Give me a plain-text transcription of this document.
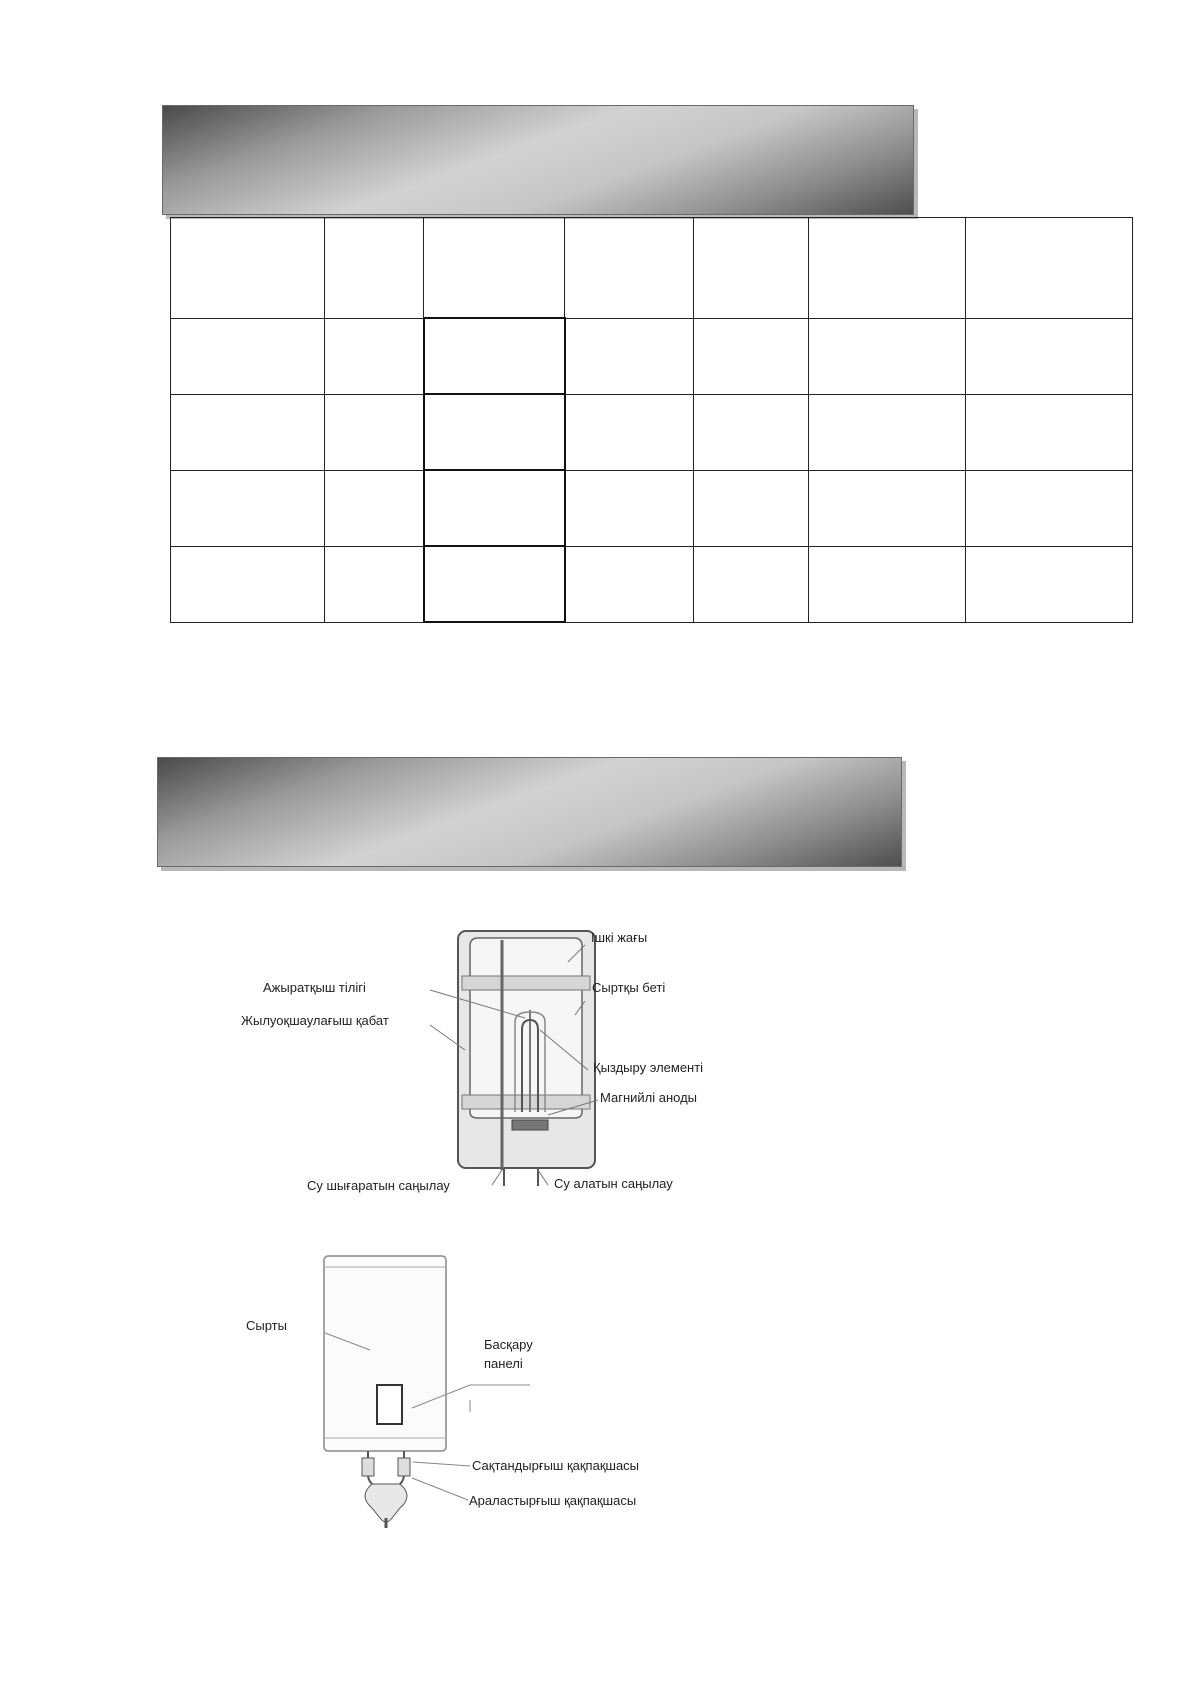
Ішкі жағы
Сыртқы беті
Ажыратқыш тілігі
Жылуоқшаулағыш қабат
Қыздыру элементі
Магнийлі аноды
Су шығаратын саңылау	Су алатын саңылау
Сырты
Басқару
панелі
Сақтандырғыш қақпақшасы
Араластырғыш қақпақшасы
